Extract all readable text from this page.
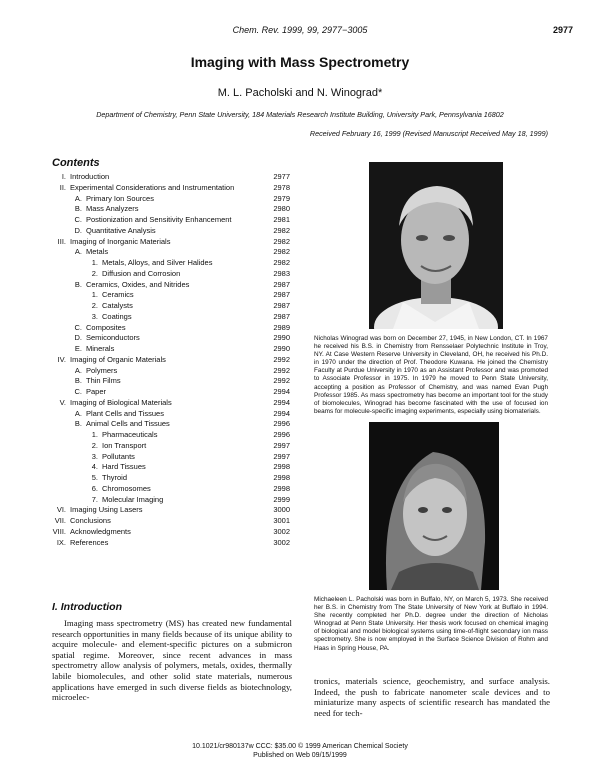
Chem. Rev. 1999, 99, 2977−3005	2977
Imaging with Mass Spectrometry
M. L. Pacholski and N. Winograd*
Department of Chemistry, Penn State University, 184 Materials Research Institute Building, University Park, Pennsylvania 16802
Received February 16, 1999 (Revised Manuscript Received May 18, 1999)
Contents
I. Introduction	2977
II. Experimental Considerations and Instrumentation	2978
A. Primary Ion Sources	2979
B. Mass Analyzers	2980
C. Postionization and Sensitivity Enhancement	2981
D. Quantitative Analysis	2982
III. Imaging of Inorganic Materials	2982
A. Metals	2982
1. Metals, Alloys, and Silver Halides	2982
2. Diffusion and Corrosion	2983
B. Ceramics, Oxides, and Nitrides	2987
1. Ceramics	2987
2. Catalysts	2987
3. Coatings	2987
C. Composites	2989
D. Semiconductors	2990
E. Minerals	2990
IV. Imaging of Organic Materials	2992
A. Polymers	2992
B. Thin Films	2992
C. Paper	2994
V. Imaging of Biological Materials	2994
A. Plant Cells and Tissues	2994
B. Animal Cells and Tissues	2996
1. Pharmaceuticals	2996
2. Ion Transport	2997
3. Pollutants	2997
4. Hard Tissues	2998
5. Thyroid	2998
6. Chromosomes	2998
7. Molecular Imaging	2999
VI. Imaging Using Lasers	3000
VII. Conclusions	3001
VIII. Acknowledgments	3002
IX. References	3002
I. Introduction
Imaging mass spectrometry (MS) has created new fundamental research opportunities in many fields because of its unique ability to acquire molecule- and element-specific pictures on a submicron spatial regime. Moreover, since recent advances in mass spectrometry allow analysis of polymers, metals, oxides, thermally labile biomolecules, and other solid state materials, numerous applications have emerged in such diverse fields as biotechnology, microelec-
tronics, materials science, geochemistry, and surface analysis. Indeed, the push to fabricate nanometer scale devices and to miniaturize many aspects of scientific research has mandated the need for tech-
Nicholas Winograd was born on December 27, 1945, in New London, CT. In 1967 he received his B.S. in Chemistry from Rensselaer Polytechnic Institute in Troy, NY. At Case Western Reserve University in Cleveland, OH, he received his Ph.D. in 1970 under the direction of Prof. Theodore Kuwana. He joined the Chemistry Faculty at Purdue University in 1970 as an Assistant Professor and was promoted to Associate Professor in 1975. In 1979 he moved to Penn State University, accepting a position as Professor of Chemistry, and was named Evan Pugh Professor 1985. As mass spectrometry has become an important tool for the study of biomolecules, Winograd has become fascinated with the use of focused ion beams for molecule-specific imaging experiments, especially using biomaterials.
Michaeleen L. Pacholski was born in Buffalo, NY, on March 5, 1973. She received her B.S. in Chemistry from The State University of New York at Buffalo in 1994. She recently completed her Ph.D. degree under the direction of Nicholas Winograd at Penn State University. Her thesis work focused on chemical imaging of biological and model biological systems using time-of-flight secondary ion mass spectrometry. She is now employed in the Surface Science Division of Rohm and Haas in Spring House, PA.
10.1021/cr980137w CCC: $35.00 © 1999 American Chemical Society
Published on Web 09/15/1999
